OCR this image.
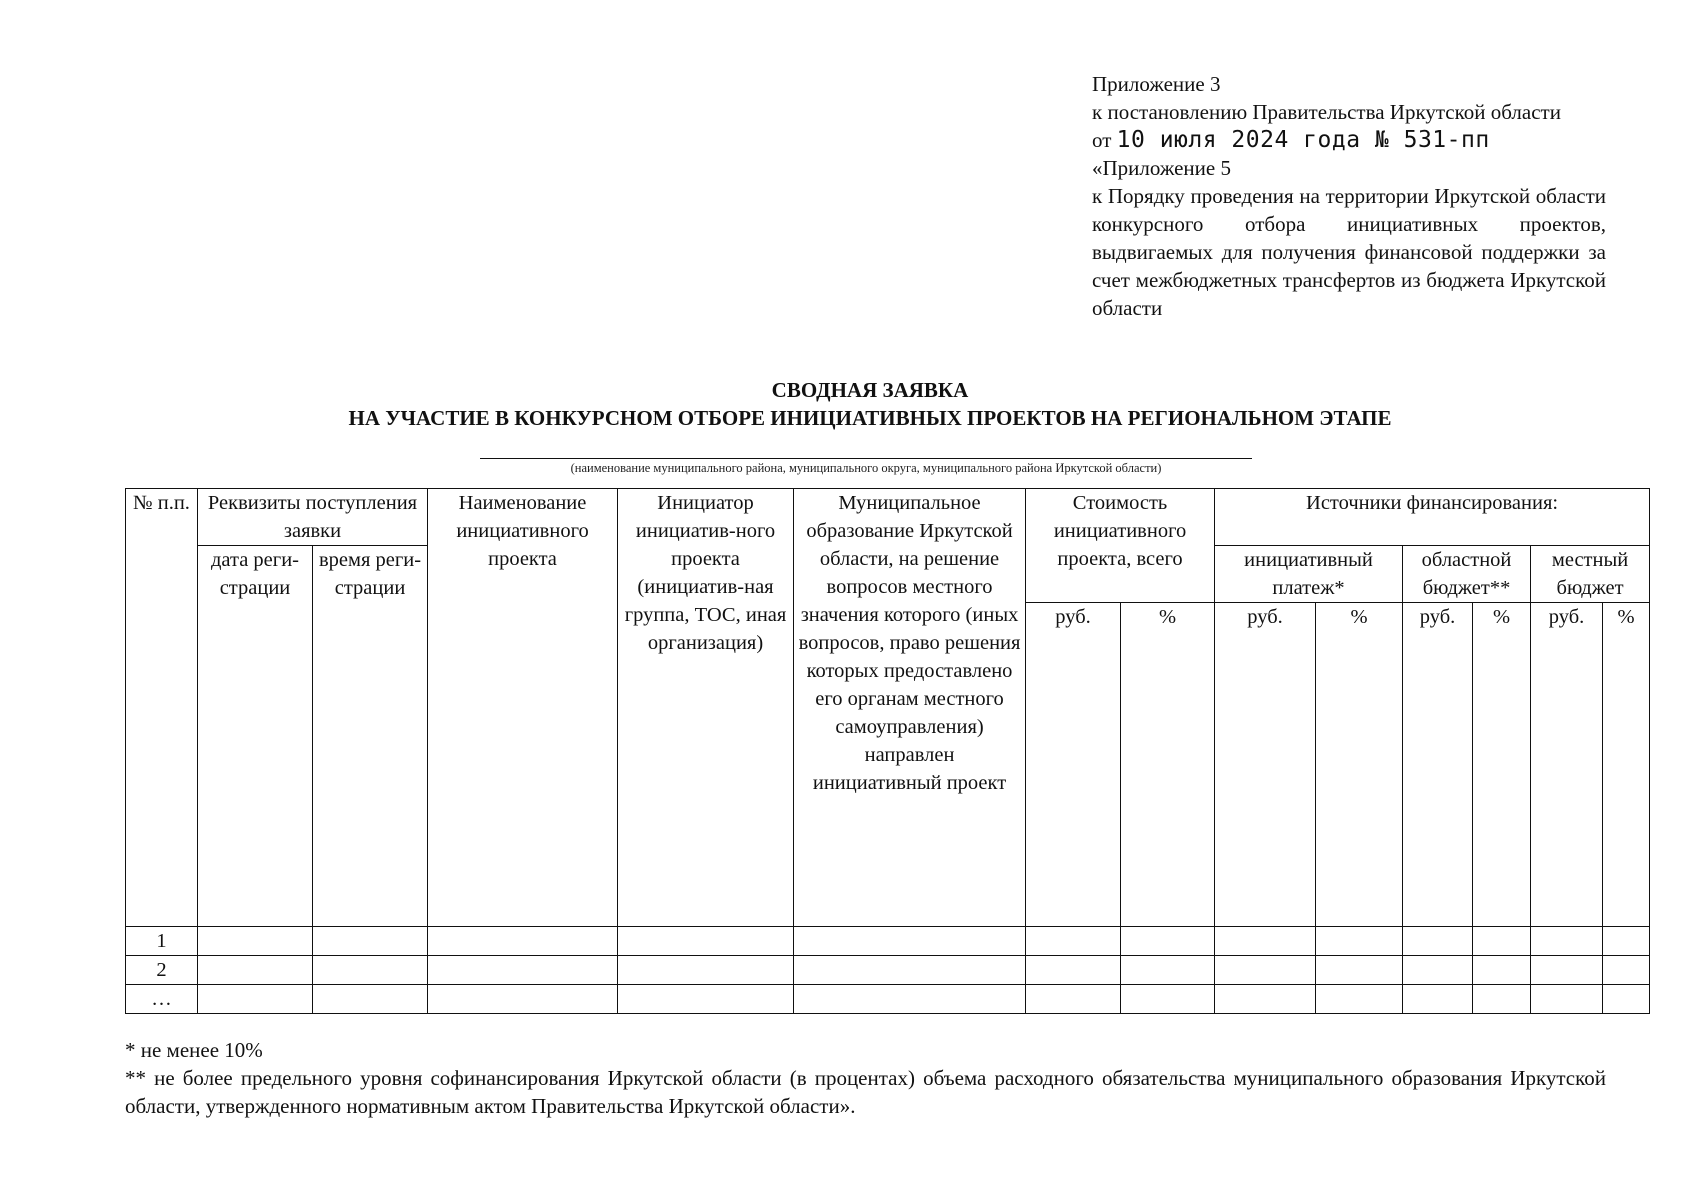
Приложение 3

к постановлению Правительства Иркутской области

от 10 июля 2024 года № 531-пп

«Приложение 5

к Порядку проведения на территории Иркутской области конкурсного отбора инициативных проектов, выдвигаемых для получения финансовой поддержки за счет межбюджетных трансфертов из бюджета Иркутской области

СВОДНАЯ ЗАЯВКА

НА УЧАСТИЕ В КОНКУРСНОМ ОТБОРЕ ИНИЦИАТИВНЫХ ПРОЕКТОВ НА РЕГИОНАЛЬНОМ ЭТАПЕ

(наименование муниципального района, муниципального округа, муниципального района Иркутской области)
№ п.п.	Реквизиты поступления заявки		Наименование инициативного проекта	Инициатор инициатив-ного проекта (инициатив-ная группа, ТОС, иная организация)	Муниципальное образование Иркутской области, на решение вопросов местного значения которого (иных вопросов, право решения которых предоставлено его органам местного самоуправления) направлен инициативный проект	Стоимость инициативного проекта, всего		Источники финансирования:					
	дата реги-страции	время реги-страции						инициативный платеж*		областной бюджет**		местный бюджет	
						руб.	%	руб.	%	руб.	%	руб.	%
1													
2													
…													

* не менее 10%

** не более предельного уровня софинансирования Иркутской области (в процентах) объема расходного обязательства муниципального образования Иркутской области, утвержденного нормативным актом Правительства Иркутской области».
